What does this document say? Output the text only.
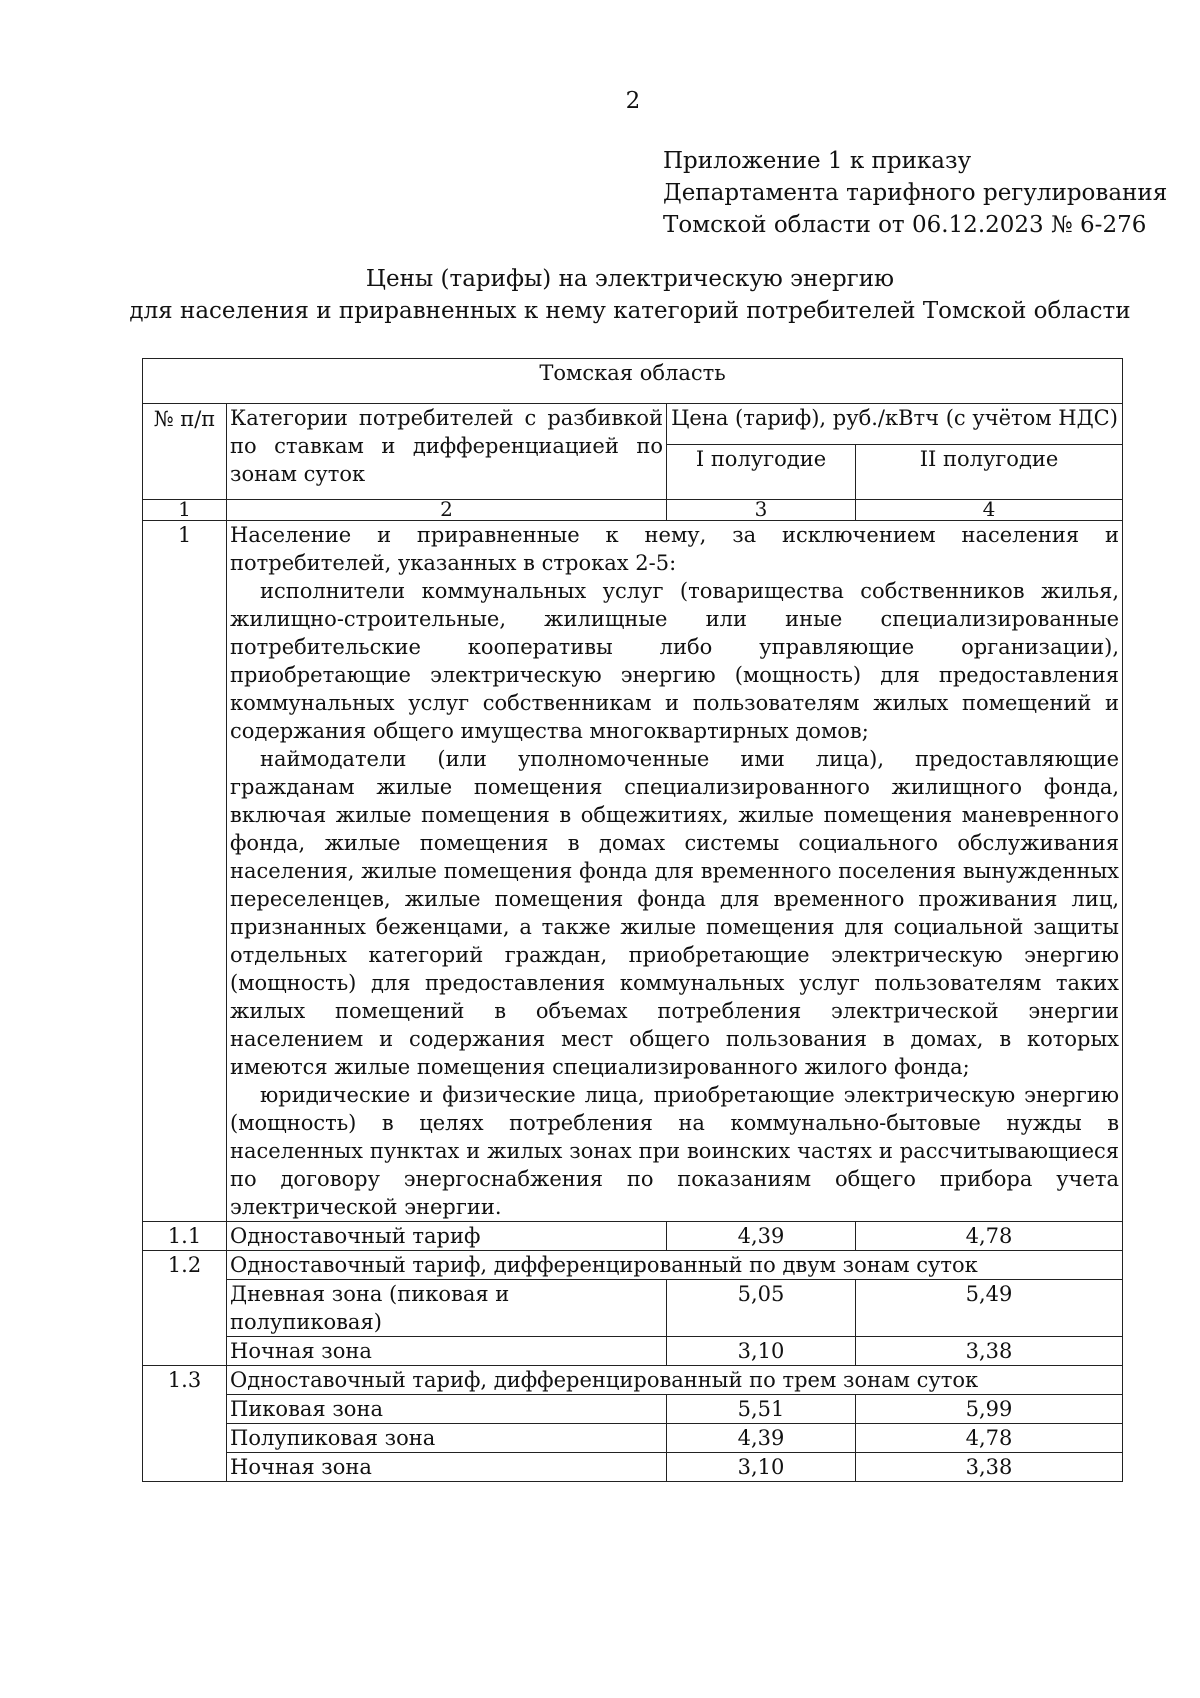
2
Приложение 1 к приказу
Департамента тарифного регулирования
Томской области от 06.12.2023 № 6-276
Цены (тарифы) на электрическую энергию
для населения и приравненных к нему категорий потребителей Томской области
Томская область			
№ п/п	Категории потребителей с разбивкой по ставкам и дифференциацией по зонам суток	Цена (тариф), руб./кВтч (с учётом НДС)	
		I полугодие	II полугодие
1	2	3	4
1	Население и приравненные к нему, за исключением населения и потребителей, указанных в строках 2-5:

исполнители коммунальных услуг (товарищества собственников жилья, жилищно-строительные, жилищные или иные специализированные потребительские кооперативы либо управляющие организации), приобретающие электрическую энергию (мощность) для предоставления коммунальных услуг собственникам и пользователям жилых помещений и содержания общего имущества многоквартирных домов;

наймодатели (или уполномоченные ими лица), предоставляющие гражданам жилые помещения специализированного жилищного фонда, включая жилые помещения в общежитиях, жилые помещения маневренного фонда, жилые помещения в домах системы социального обслуживания населения, жилые помещения фонда для временного поселения вынужденных переселенцев, жилые помещения фонда для временного проживания лиц, признанных беженцами, а также жилые помещения для социальной защиты отдельных категорий граждан, приобретающие электрическую энергию (мощность) для предоставления коммунальных услуг пользователям таких жилых помещений в объемах потребления электрической энергии населением и содержания мест общего пользования в домах, в которых имеются жилые помещения специализированного жилого фонда;

юридические и физические лица, приобретающие электрическую энергию (мощность) в целях потребления на коммунально-бытовые нужды в населенных пунктах и жилых зонах при воинских частях и рассчитывающиеся по договору энергоснабжения по показаниям общего прибора учета электрической энергии.		

1.1	Одноставочный тариф	4,39	4,78
1.2	Одноставочный тариф, дифференцированный по двум зонам суток		
	Дневная зона (пиковая и полупиковая)	5,05	5,49
	Ночная зона	3,10	3,38
1.3	Одноставочный тариф, дифференцированный по трем зонам суток		
	Пиковая зона	5,51	5,99
	Полупиковая зона	4,39	4,78
	Ночная зона	3,10	3,38
